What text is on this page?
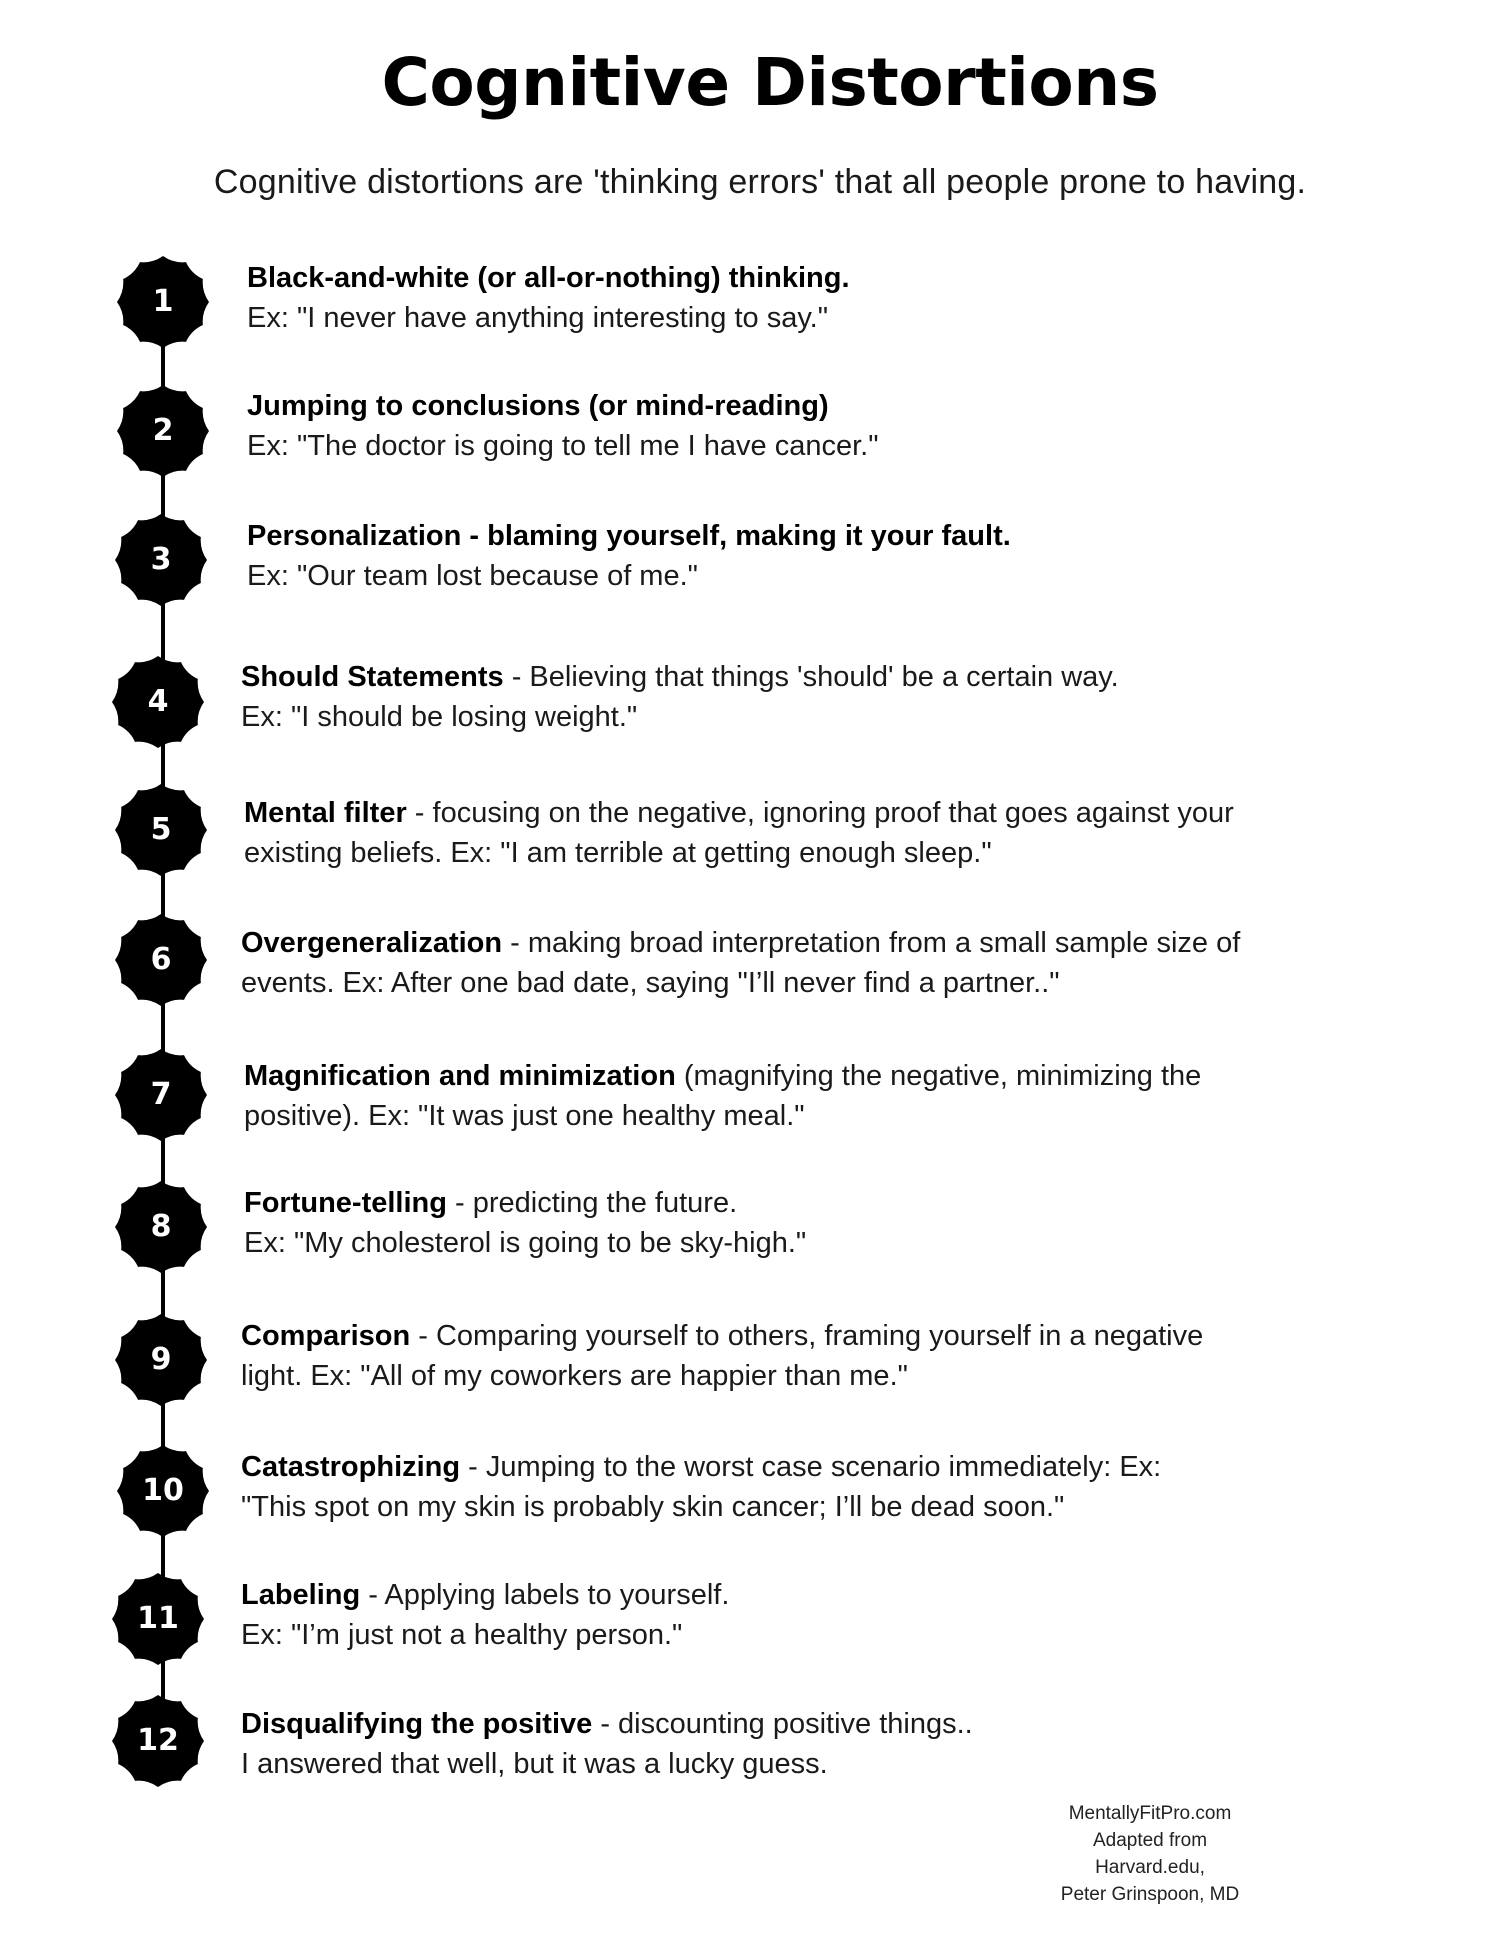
Cognitive Distortions
Cognitive distortions are 'thinking errors' that all people prone to having.
1
Black-and-white (or all-or-nothing) thinking.
Ex: "I never have anything interesting to say."
2
Jumping to conclusions (or mind-reading)
Ex: "The doctor is going to tell me I have cancer."
3
Personalization - blaming yourself, making it your fault.
Ex: "Our team lost because of me."
4
Should Statements - Believing that things 'should' be a certain way.
Ex: "I should be losing weight."
5	Mental filter - focusing on the negative, ignoring proof that goes against your
existing beliefs. Ex: "I am terrible at getting enough sleep."
6	Overgeneralization - making broad interpretation from a small sample size of
events. Ex: After one bad date, saying "I’ll never find a partner.."
7
Magnification and minimization (magnifying the negative, minimizing the
positive). Ex: "It was just one healthy meal."
8
Fortune-telling - predicting the future.
Ex: "My cholesterol is going to be sky-high."
9
Comparison - Comparing yourself to others, framing yourself in a negative
light. Ex: "All of my coworkers are happier than me."
10
Catastrophizing - Jumping to the worst case scenario immediately: Ex:
"This spot on my skin is probably skin cancer; I’ll be dead soon."
11
Labeling - Applying labels to yourself.
Ex: "I’m just not a healthy person."
12	Disqualifying the positive - discounting positive things..
I answered that well, but it was a lucky guess.
MentallyFitPro.com
Adapted from Harvard.edu,
Peter Grinspoon, MD
